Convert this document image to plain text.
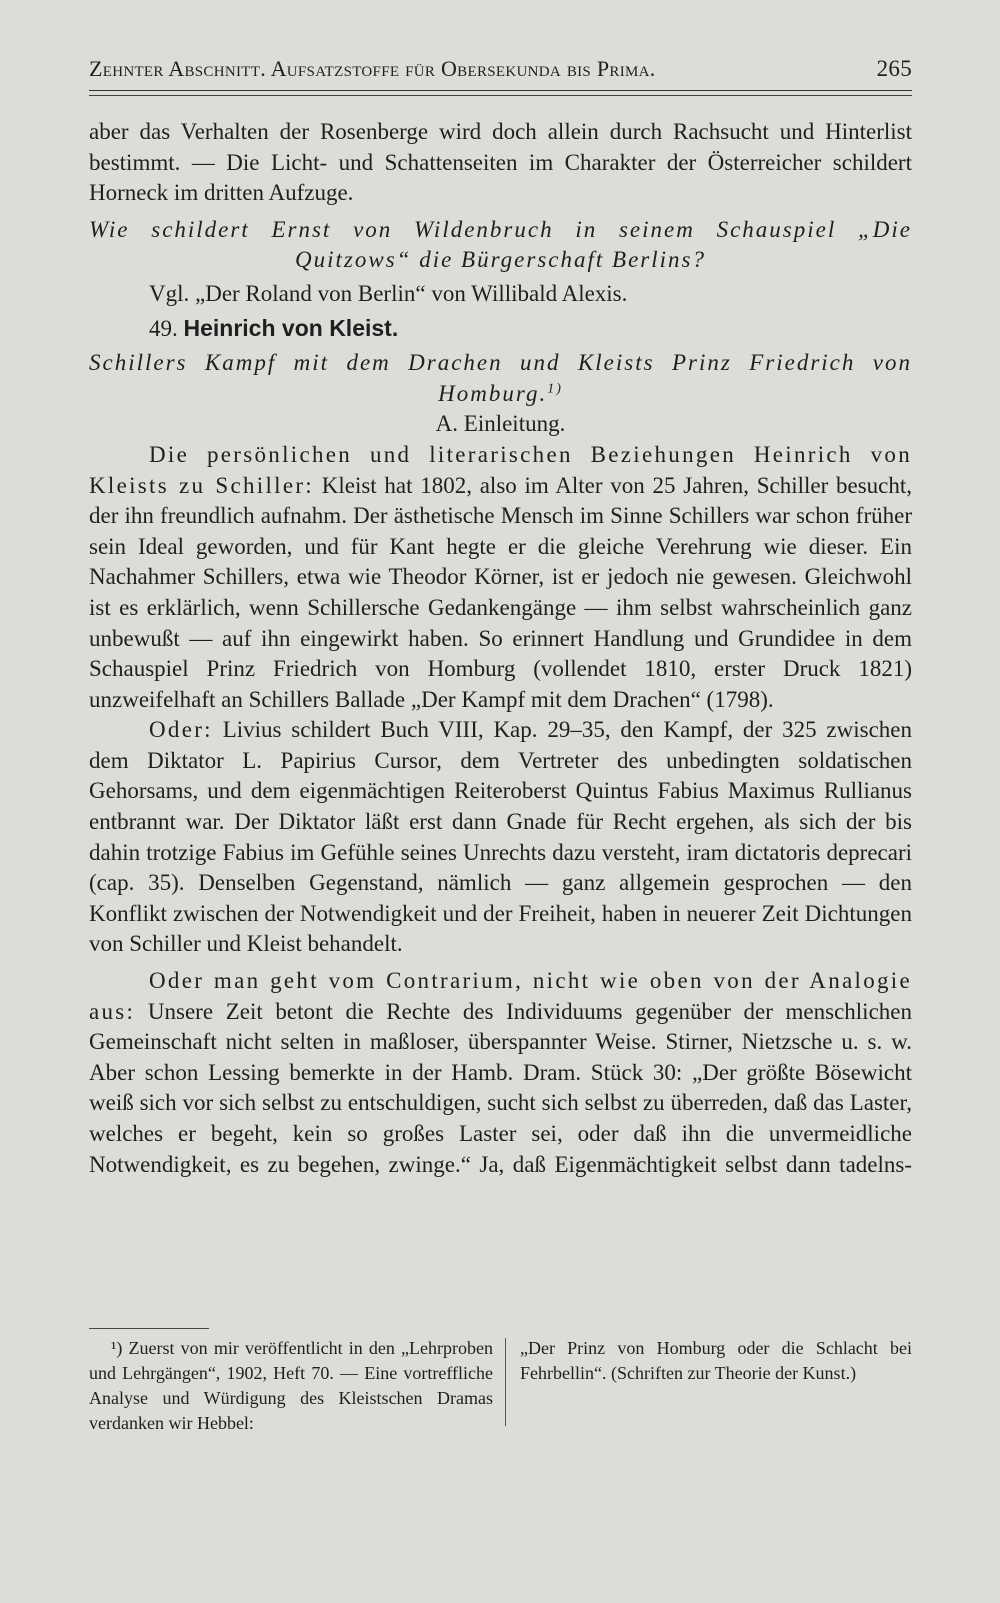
Zehnter Abschnitt. Aufsatzstoffe für Obersekunda bis Prima.	265

aber das Verhalten der Rosenberge wird doch allein durch Rachsucht und Hinterlist bestimmt. — Die Licht- und Schattenseiten im Charakter der Österreicher schildert Horneck im dritten Aufzuge.

Wie schildert Ernst von Wildenbruch in seinem Schauspiel „Die Quitzows“ die Bürgerschaft Berlins?

Vgl. „Der Roland von Berlin“ von Willibald Alexis.

49. Heinrich von Kleist.

Schillers Kampf mit dem Drachen und Kleists Prinz Friedrich von Homburg.$^{1)}$

A. Einleitung.

Die persönlichen und literarischen Beziehungen Heinrich von Kleists zu Schiller: Kleist hat 1802, also im Alter von 25 Jahren, Schiller besucht, der ihn freundlich aufnahm. Der ästhetische Mensch im Sinne Schillers war schon früher sein Ideal geworden, und für Kant hegte er die gleiche Verehrung wie dieser. Ein Nachahmer Schillers, etwa wie Theodor Körner, ist er jedoch nie gewesen. Gleichwohl ist es erklärlich, wenn Schillersche Gedankengänge — ihm selbst wahrscheinlich ganz unbewußt — auf ihn eingewirkt haben. So erinnert Handlung und Grundidee in dem Schauspiel Prinz Friedrich von Homburg (vollendet 1810, erster Druck 1821) unzweifelhaft an Schillers Ballade „Der Kampf mit dem Drachen“ (1798).

Oder: Livius schildert Buch VIII, Kap. 29–35, den Kampf, der 325 zwischen dem Diktator L. Papirius Cursor, dem Vertreter des unbedingten soldatischen Gehorsams, und dem eigenmächtigen Reiteroberst Quintus Fabius Maximus Rullianus entbrannt war. Der Diktator läßt erst dann Gnade für Recht ergehen, als sich der bis dahin trotzige Fabius im Gefühle seines Unrechts dazu versteht, iram dictatoris deprecari (cap. 35). Denselben Gegenstand, nämlich — ganz allgemein gesprochen — den Konflikt zwischen der Notwendigkeit und der Freiheit, haben in neuerer Zeit Dichtungen von Schiller und Kleist behandelt.

Oder man geht vom Contrarium, nicht wie oben von der Analogie aus: Unsere Zeit betont die Rechte des Individuums gegenüber der menschlichen Gemeinschaft nicht selten in maßloser, überspannter Weise. Stirner, Nietzsche u. s. w. Aber schon Lessing bemerkte in der Hamb. Dram. Stück 30: „Der größte Bösewicht weiß sich vor sich selbst zu entschuldigen, sucht sich selbst zu überreden, daß das Laster, welches er begeht, kein so großes Laster sei, oder daß ihn die unvermeidliche Notwendigkeit, es zu begehen, zwinge.“ Ja, daß Eigenmächtigkeit selbst dann tadelns-

¹) Zuerst von mir veröffentlicht in den „Lehrproben und Lehrgängen“, 1902, Heft 70. — Eine vortreffliche Analyse und Würdigung des Kleistschen Dramas verdanken wir Hebbel:
„Der Prinz von Homburg oder die Schlacht bei Fehrbellin“. (Schriften zur Theorie der Kunst.)
